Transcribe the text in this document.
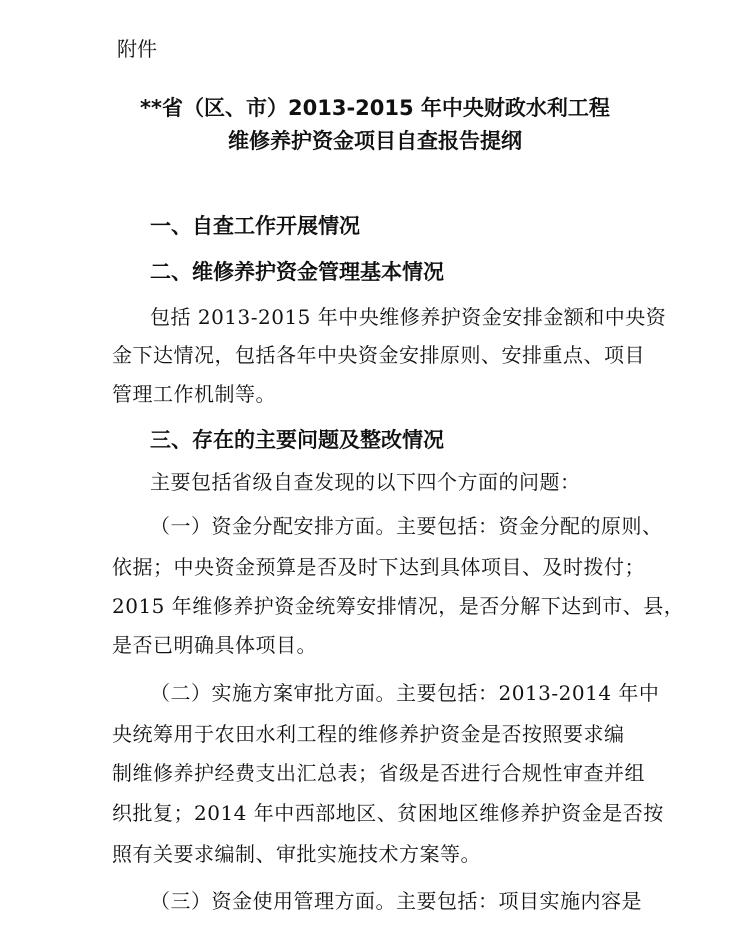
附件
**省（区、市）2013-2015 年中央财政水利工程
维修养护资金项目自查报告提纲
一、自查工作开展情况
二、维修养护资金管理基本情况
包括 2013-2015 年中央维修养护资金安排金额和中央资
金下达情况，包括各年中央资金安排原则、安排重点、项目
管理工作机制等。
三、存在的主要问题及整改情况
主要包括省级自查发现的以下四个方面的问题：
（一）资金分配安排方面。主要包括：资金分配的原则、
依据；中央资金预算是否及时下达到具体项目、及时拨付；
2015 年维修养护资金统筹安排情况，是否分解下达到市、县，
是否已明确具体项目。
（二）实施方案审批方面。主要包括：2013-2014 年中
央统筹用于农田水利工程的维修养护资金是否按照要求编
制维修养护经费支出汇总表；省级是否进行合规性审查并组
织批复；2014 年中西部地区、贫困地区维修养护资金是否按
照有关要求编制、审批实施技术方案等。
（三）资金使用管理方面。主要包括：项目实施内容是
